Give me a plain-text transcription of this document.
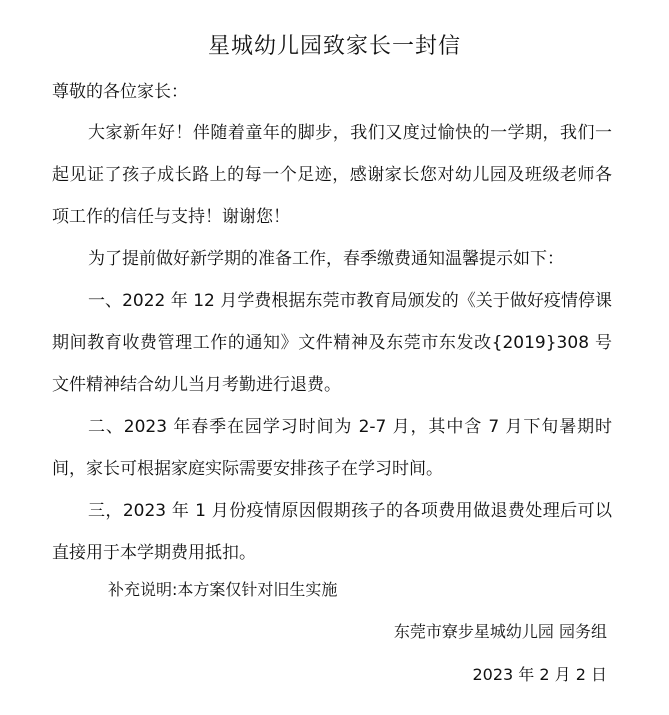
星城幼儿园致家长一封信
尊敬的各位家长：

大家新年好！伴随着童年的脚步，我们又度过愉快的一学期，我们一起见证了孩子成长路上的每一个足迹，感谢家长您对幼儿园及班级老师各项工作的信任与支持！谢谢您！

为了提前做好新学期的准备工作，春季缴费通知温馨提示如下：

一、2022 年 12 月学费根据东莞市教育局颁发的《关于做好疫情停课期间教育收费管理工作的通知》文件精神及东莞市东发改{2019}308 号文件精神结合幼儿当月考勤进行退费。

二、2023 年春季在园学习时间为 2-7 月，其中含 7 月下旬暑期时间，家长可根据家庭实际需要安排孩子在学习时间。

三，2023 年 1 月份疫情原因假期孩子的各项费用做退费处理后可以直接用于本学期费用抵扣。

补充说明:本方案仅针对旧生实施
东莞市寮步星城幼儿园 园务组
2023 年 2 月 2 日
